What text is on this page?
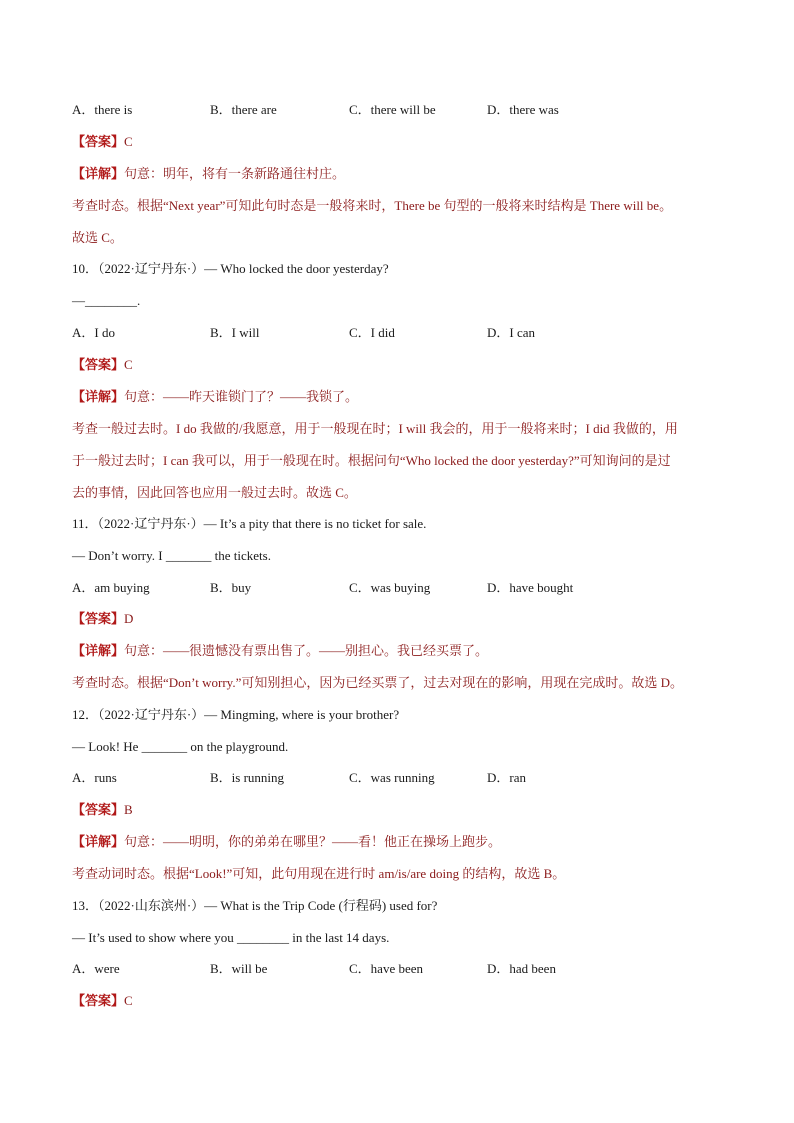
A．there is	B．there are	C．there will be	D．there was
【答案】C
【详解】句意：明年，将有一条新路通往村庄。
考查时态。根据“Next year”可知此句时态是一般将来时，There be 句型的一般将来时结构是 There will be。
故选 C。
10．（2022·辽宁丹东·）— Who locked the door yesterday?
—________.
A．I do	B．I will	C．I did	D．I can
【答案】C
【详解】句意：——昨天谁锁门了？——我锁了。
考查一般过去时。I do 我做的/我愿意，用于一般现在时；I will 我会的，用于一般将来时；I did 我做的，用
于一般过去时；I can 我可以，用于一般现在时。根据问句“Who locked the door yesterday?”可知询问的是过
去的事情，因此回答也应用一般过去时。故选 C。
11．（2022·辽宁丹东·）— It’s a pity that there is no ticket for sale.
— Don’t worry. I _______ the tickets.
A．am buying	B．buy	C．was buying	D．have bought
【答案】D
【详解】句意：——很遗憾没有票出售了。——别担心。我已经买票了。
考查时态。根据“Don’t worry.”可知别担心，因为已经买票了，过去对现在的影响，用现在完成时。故选 D。
12．（2022·辽宁丹东·）— Mingming, where is your brother?
— Look! He _______ on the playground.
A．runs	B．is running	C．was running	D．ran
【答案】B
【详解】句意：——明明，你的弟弟在哪里？——看！他正在操场上跑步。
考查动词时态。根据“Look!”可知，此句用现在进行时 am/is/are doing 的结构，故选 B。
13．（2022·山东滨州·）— What is the Trip Code (行程码) used for?
— It’s used to show where you ________ in the last 14 days.
A．were	B．will be	C．have been	D．had been
【答案】C
